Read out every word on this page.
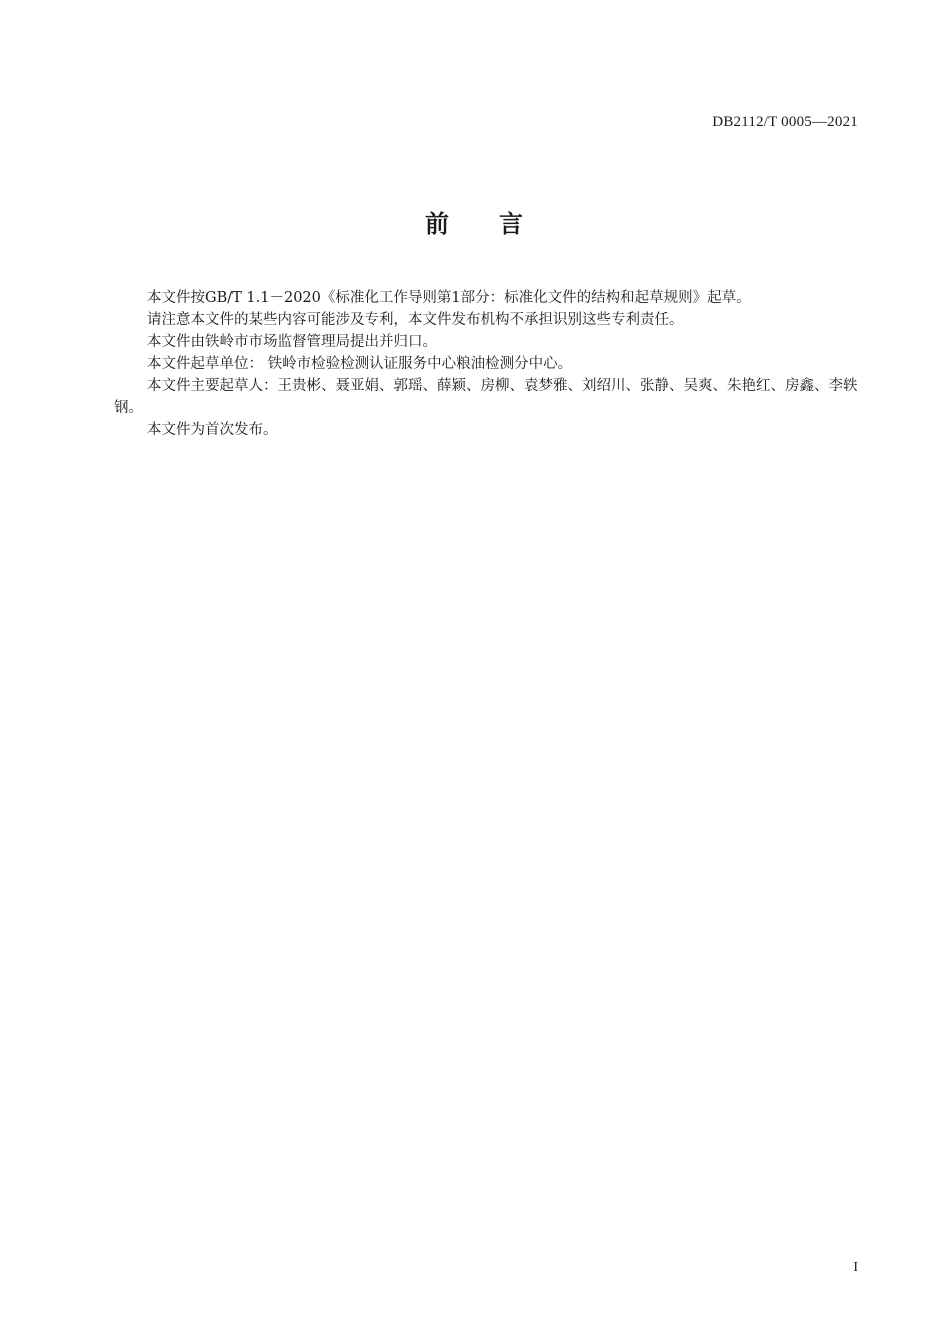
DB2112/T 0005—2021
前 言

本文件按GB/T 1.1－2020《标准化工作导则第1部分：标准化文件的结构和起草规则》起草。

请注意本文件的某些内容可能涉及专利，本文件发布机构不承担识别这些专利责任。

本文件由铁岭市市场监督管理局提出并归口。

本文件起草单位： 铁岭市检验检测认证服务中心粮油检测分中心。

本文件主要起草人：王贵彬、聂亚娟、郭瑶、薛颖、房柳、袁梦雅、刘绍川、张静、吴爽、朱艳红、房鑫、李轶钢。

本文件为首次发布。

I
